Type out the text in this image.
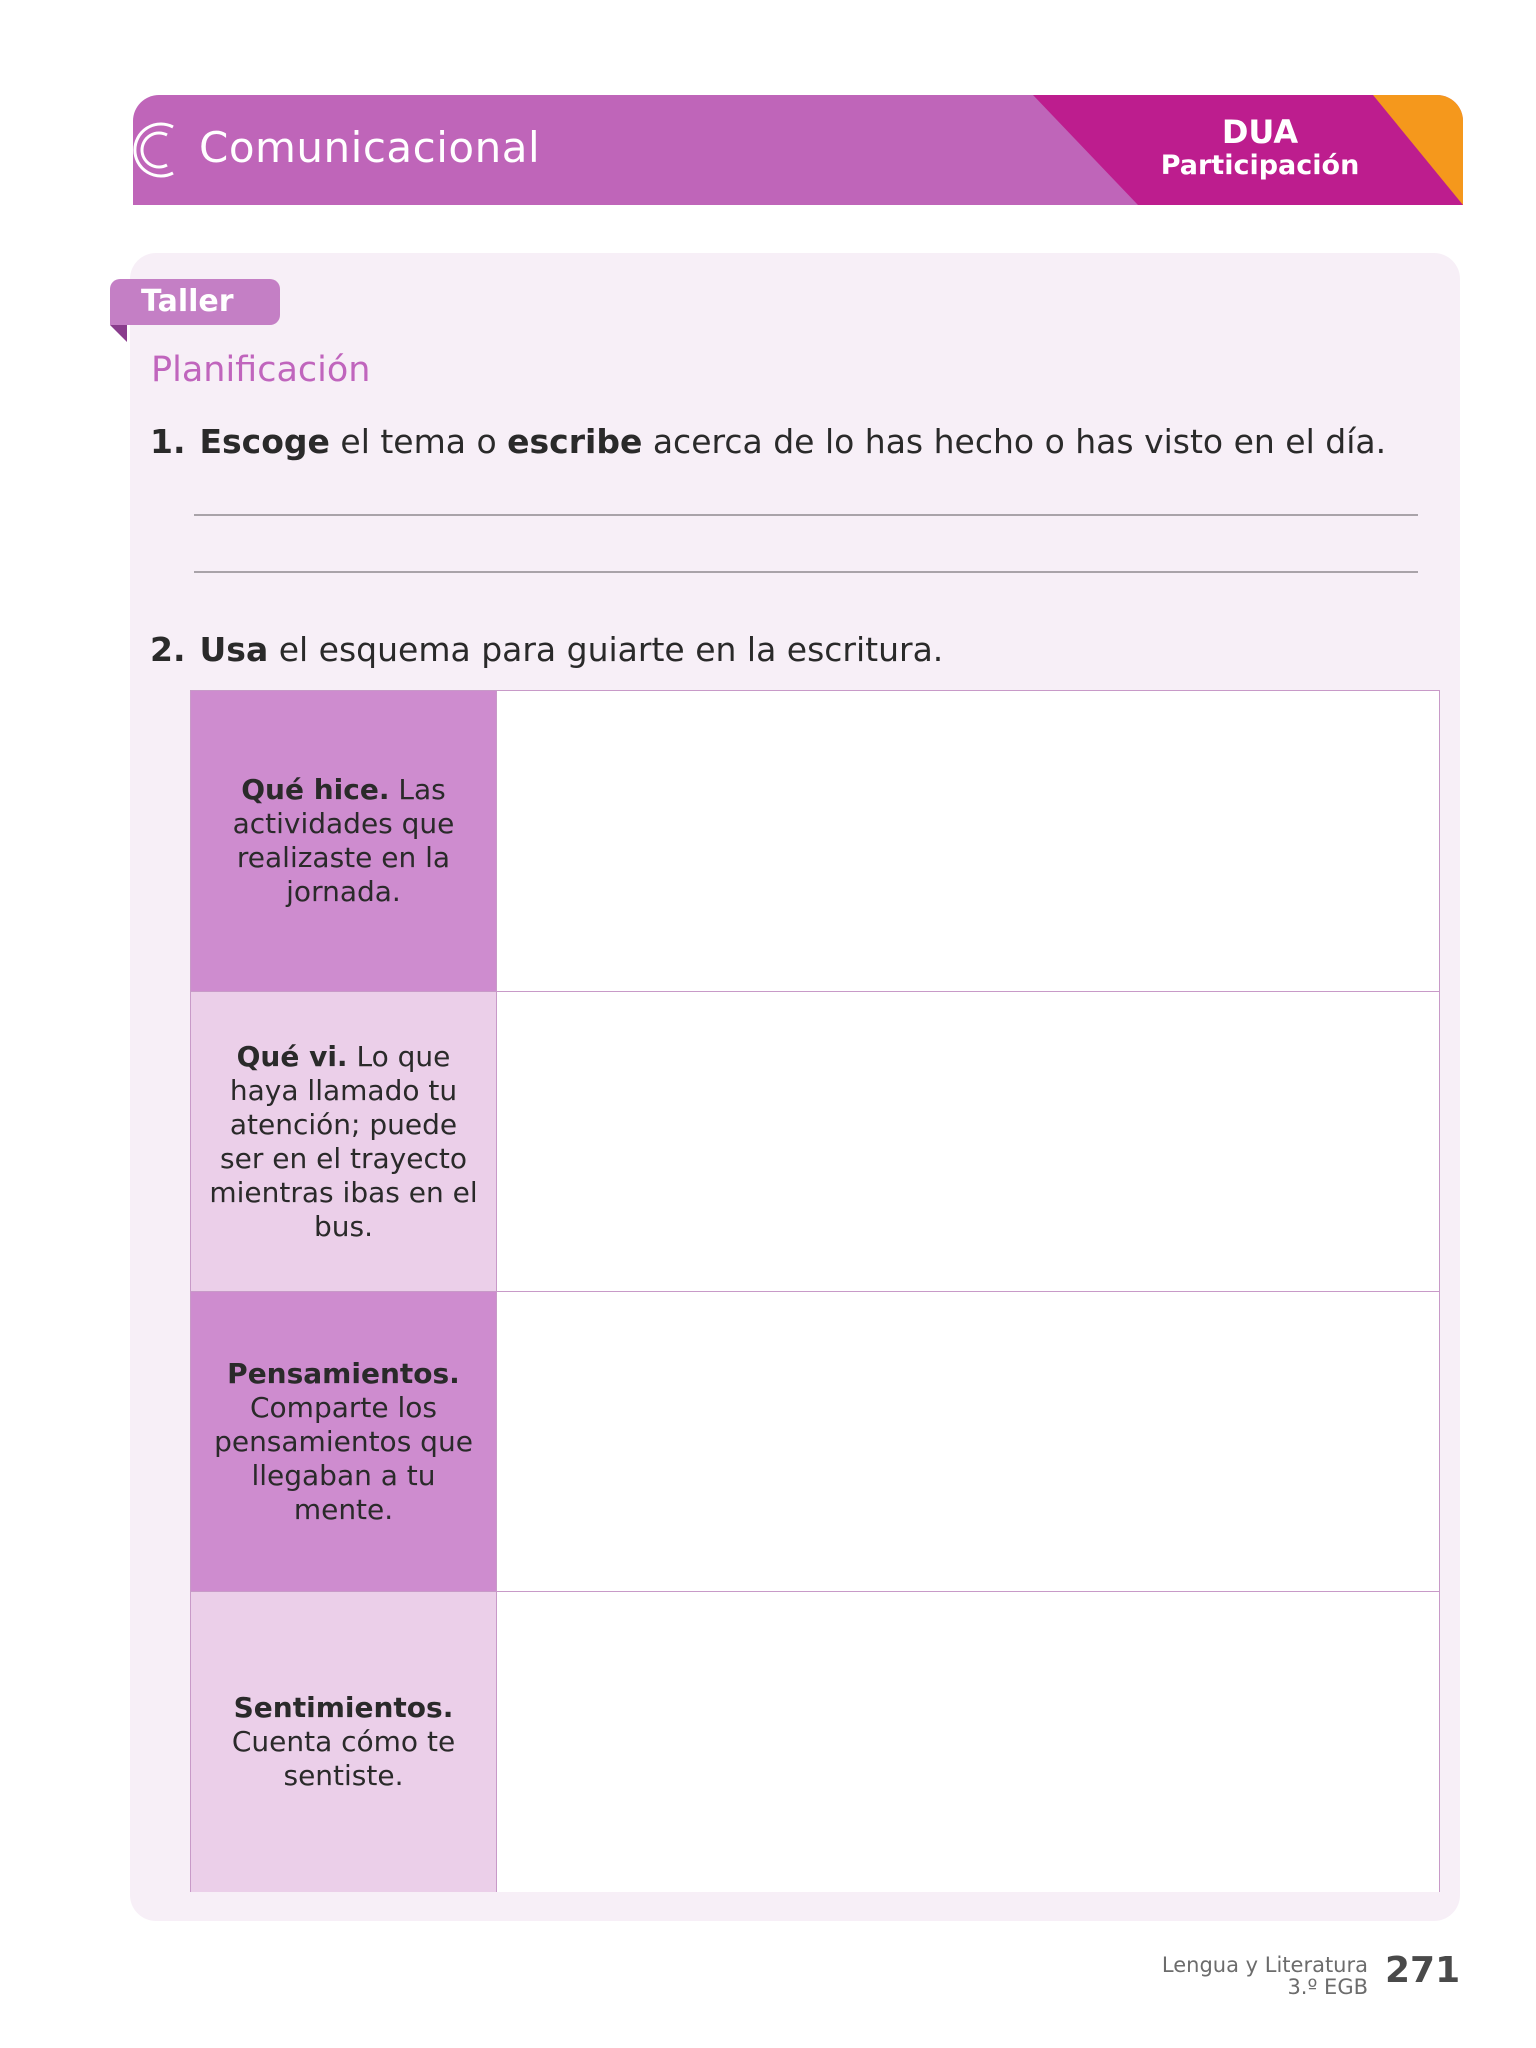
Comunicacional	DUA
Participación
Taller
Planificación
1. Escoge el tema o escribe acerca de lo has hecho o has visto en el día.
2. Usa el esquema para guiarte en la escritura.

Qué hice. Las actividades que realizaste en la jornada.

Qué vi. Lo que haya llamado tu atención; puede ser en el trayecto mientras ibas en el bus.

Pensamientos. Comparte los pensamientos que llegaban a tu mente.

Sentimientos. Cuenta cómo te sentiste.

Lengua y Literatura
3.º EGB 271
